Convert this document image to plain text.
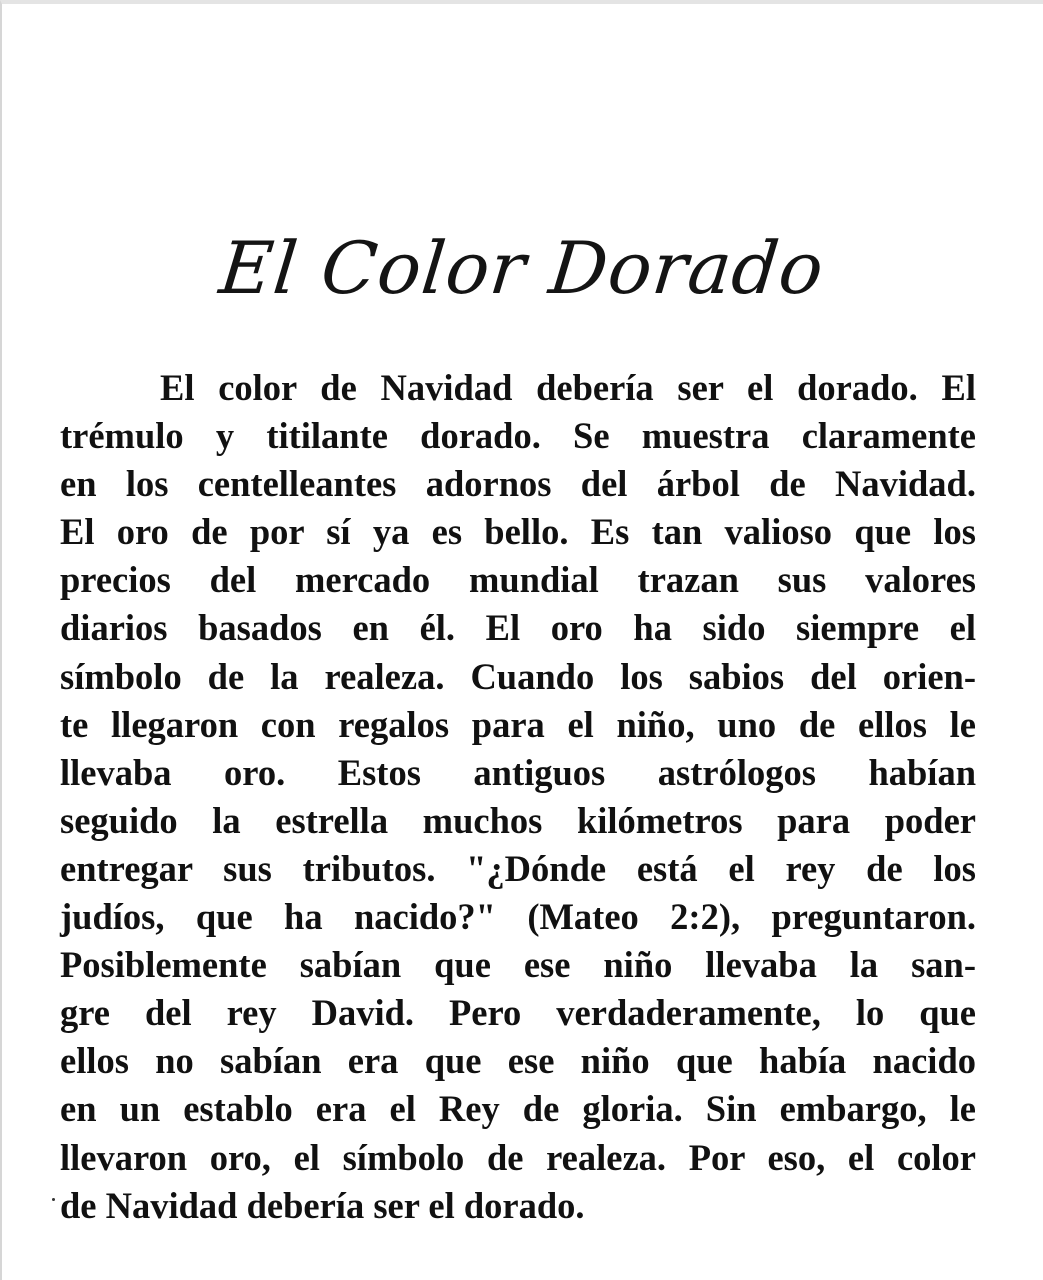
El Color Dorado
El color de Navidad debería ser el dorado. El
trémulo y titilante dorado. Se muestra claramente
en los centelleantes adornos del árbol de Navidad.
El oro de por sí ya es bello. Es tan valioso que los
precios del mercado mundial trazan sus valores
diarios basados en él. El oro ha sido siempre el
símbolo de la realeza. Cuando los sabios del orien-
te llegaron con regalos para el niño, uno de ellos le
llevaba oro. Estos antiguos astrólogos habían
seguido la estrella muchos kilómetros para poder
entregar sus tributos. "¿Dónde está el rey de los
judíos, que ha nacido?" (Mateo 2:2), preguntaron.
Posiblemente sabían que ese niño llevaba la san-
gre del rey David. Pero verdaderamente, lo que
ellos no sabían era que ese niño que había nacido
en un establo era el Rey de gloria. Sin embargo, le
llevaron oro, el símbolo de realeza. Por eso, el color
de Navidad debería ser el dorado.
